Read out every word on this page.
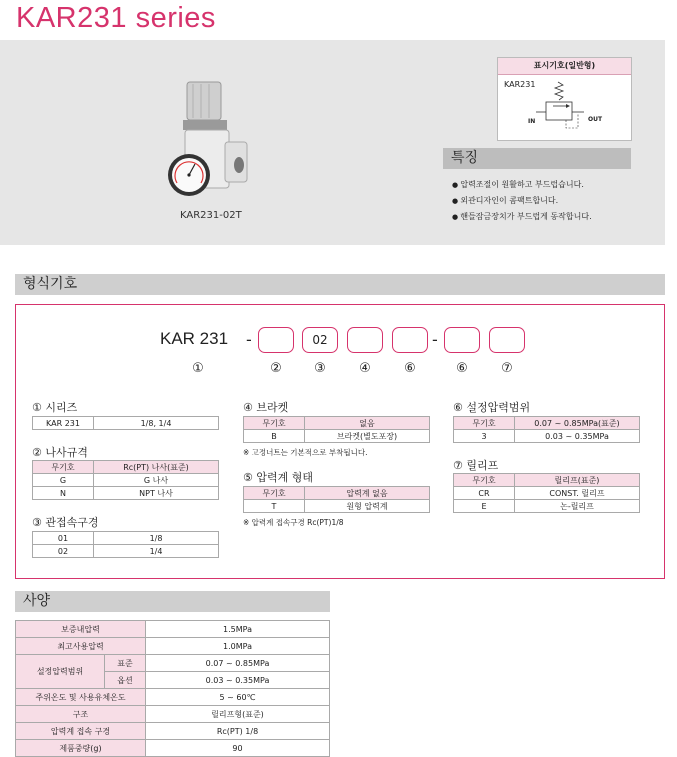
KAR231 series
KAR231-02T
표시기호(일반형)
KAR231
IN	OUT
특징
● 압력조절이 원활하고 부드럽습니다.
● 외관디자인이 콤팩트합니다.
● 핸들잠금장치가 부드럽게 동작합니다.
형식기호
KAR 231 -	02	-
①	②	③	④	⑥	⑥	⑦
① 시리즈
KAR 231	1/8, 1/4
② 나사규격
무기호	Rc(PT) 나사(표준)
G	G 나사
N	NPT 나사
③ 관접속구경
01	1/8
02	1/4
④ 브라켓
무기호	없음
B	브라켓(별도포장)
※ 고정너트는 기본적으로 부착됩니다.
⑤ 압력계 형태
무기호	압력계 없음
T	원형 압력계
※ 압력계 접속구경 Rc(PT)1/8
⑥ 설정압력범위
무기호	0.07 ~ 0.85MPa(표준)
3	0.03 ~ 0.35MPa
⑦ 릴리프
무기호	릴리프(표준)
CR	CONST. 릴리프
E	논-릴리프
사양
보증내압력		1.5MPa
최고사용압력		1.0MPa
설정압력범위	표준	0.07 ~ 0.85MPa
	옵션	0.03 ~ 0.35MPa
주위온도 및 사용유체온도		5 ~ 60℃
구조		릴리프형(표준)
압력계 접속 구경		Rc(PT) 1/8
제품중량(g)		90
